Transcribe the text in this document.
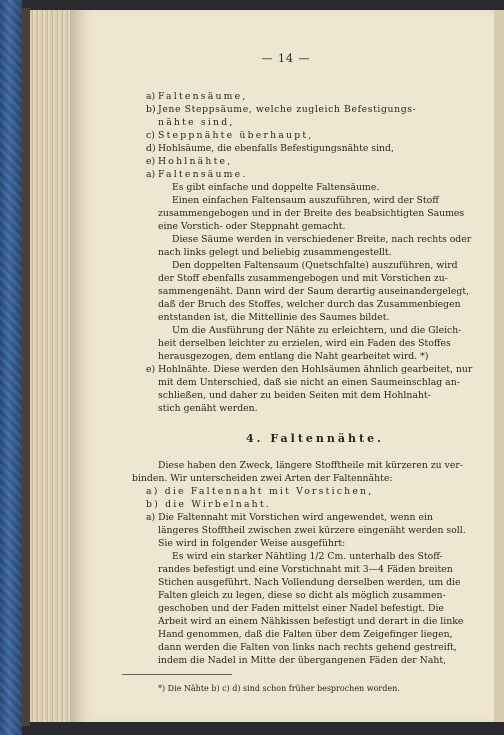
— 14 —
a) Faltensäume,
b) Jene Steppsäume, welche zugleich Befestigungs-
nähte sind,
c) Steppnähte überhaupt,
d) Hohlsäume, die ebenfalls Befestigungsnähte sind,
e) Hohlnähte,
a) Faltensäume.
Es gibt einfache und doppelte Faltensäume.
Einen einfachen Faltensaum auszuführen, wird der Stoff
zusammengebogen und in der Breite des beabsichtigten Saumes
eine Vorstich- oder Steppnaht gemacht.
Diese Säume werden in verschiedener Breite, nach rechts oder
nach links gelegt und beliebig zusammengestellt.
Den doppelten Faltensaum (Quetschfalte) auszuführen, wird
der Stoff ebenfalls zusammengebogen und mit Vorstichen zu-
sammengenäht. Dann wird der Saum derartig auseinandergelegt,
daß der Bruch des Stoffes, welcher durch das Zusammenbiegen
entstanden ist, die Mittellinie des Saumes bildet.
Um die Ausführung der Nähte zu erleichtern, und die Gleich-
heit derselben leichter zu erzielen, wird ein Faden des Stoffes
herausgezogen, dem entlang die Naht gearbeitet wird. *)
e) Hohlnähte. Diese werden den Hohlsäumen ähnlich gearbeitet, nur
mit dem Unterschied, daß sie nicht an einen Saumeinschlag an-
schließen, und daher zu beiden Seiten mit dem Hohlnaht-
stich genäht werden.
4. Faltennähte.
Diese haben den Zweck, längere Stofftheile mit kürzeren zu ver-
binden. Wir unterscheiden zwei Arten der Faltennähte:
a) die Faltennaht mit Vorstichen,
b) die Wirbelnaht.
a) Die Faltennaht mit Vorstichen wird angewendet, wenn ein
längeres Stofftheil zwischen zwei kürzere eingenäht werden soll.
Sie wird in folgender Weise ausgeführt:
Es wird ein starker Nähtling 1/2 Cm. unterhalb des Stoff-
randes befestigt und eine Vorstichnaht mit 3—4 Fäden breiten
Stichen ausgeführt. Nach Vollendung derselben werden, um die
Falten gleich zu legen, diese so dicht als möglich zusammen-
geschoben und der Faden mittelst einer Nadel befestigt. Die
Arbeit wird an einem Nähkissen befestigt und derart in die linke
Hand genommen, daß die Falten über dem Zeigefinger liegen,
dann werden die Falten von links nach rechts gehend gestreift,
indem die Nadel in Mitte der übergangenen Fäden der Naht,
*) Die Nähte b) c) d) sind schon früher besprochen worden.
